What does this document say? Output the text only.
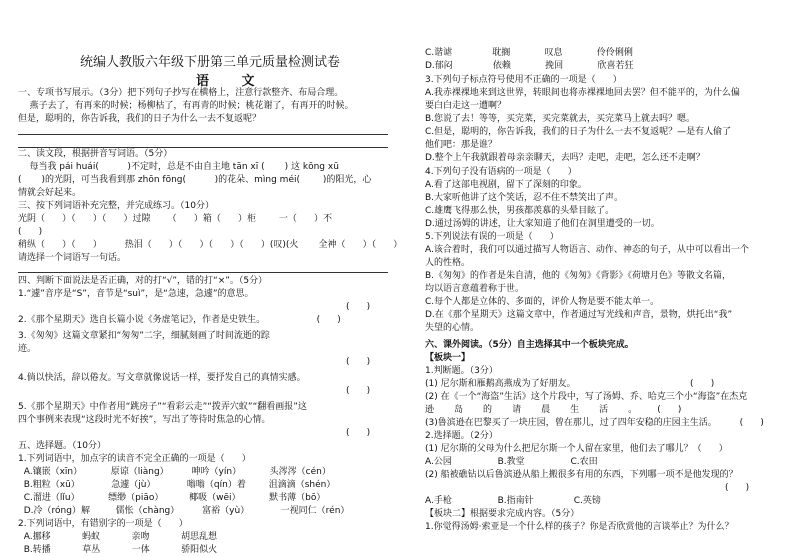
统编人教版六年级下册第三单元质量检测试卷
语 文
一、专项书写展示。（3分）把下列句子抄写在横格上，注意行款整齐、布局合理。
燕子去了，有再来的时候；杨柳枯了，有再青的时候；桃花谢了，有再开的时候。
但是，聪明的，你告诉我，我们的日子为什么一去不复返呢？
二、读文段，根据拼音写词语。（5分）
每当我 pái huái(          )不定时，总是不由自主地 tān xī (       ) 这 kōng xū
(       )的光阴，可当我看到那 zhōn fōng(          )的花朵、mìng méi(        )的阳光，心
情就会好起来。
三、按下列词语补充完整，并完成练习。（10分）
光阴（      ）（      ）（      ）过隙      （      ）箱（      ）柜        一（      ）不
(      )
稍纵（      ）（      ）        热泪（      ）（      ）（      ）（      ）(叹)(火       全神（      ）（      ）
请选择一个词语写一句话。
四、判断下面说法是否正确，对的打“√”，错的打“×”。（5分）
1.“遽”音序是“S”，音节是“suì”，是“急速，急遽”的意思。
(      )
2.《那个星期天》选自长篇小说《务虚笔记》，作者是史铁生。                  (      )
3.《匆匆》这篇文章紧扣“匆匆”二字，细腻刻画了时间流逝的踪
迹。
(      )
4.倘以快活，辞以倦友。写文章就像说话一样，要抒发自己的真情实感。
(      )
5.《那个星期天》中作者用“跳房子”“看彩云走”“拨弄穴蚁”“翻看画报”这
四个事例来表现“这段时光不好挨”，写出了等待时焦急的心情。
(      )
五、选择题。（10分）
1.下列词语中，加点字的读音不完全正确的一项是（      ）
A.镶嵌（xīn）          原谅（liàng）        呻吟（yín）          头涔涔（cén）
B.粗粒（xū）           急遽（jù）           嗡嗡（qín）着        沮滴滴（shén）
C.溜进（lǐu）          缥缈（piāo）         椰吸（wēi）          默书薄（bō）
D.冷（róng）解         儒怅（chàng）        富裕（yù）           一视同仁（rén）
2.下列词语中，有错别字的一项是（      ）
A.挪移           蚂蚁           亲吻           胡思乱想
B.转播           草丛           一体           骄阳似火
C.谐谑              耽搁            叹息            伶伶俐俐
D.郁闷              依赖            挽回            欣喜若狂
3.下列句子标点符号使用不正确的一项是（      ）
A.我赤裸裸地来到这世界，转眼间也将赤裸裸地回去罢？但不能平的，为什么偏
要白白走这一遭啊？
B.您说了去！等等，买完菜，买完菜就去，买完菜马上就去吗？嗯。
C.但是，聪明的，你告诉我，我们的日子为什么一去不复返呢？—是有人偷了
他们吧：那是谁？
D.整个上午我就跟着母亲亲聊天，去吗？走吧，走吧，怎么还不走啊？
4.下列句子没有语病的一项是（      ）
A.看了这部电视剧，留下了深刻的印象。
B.大家听他讲了这个笑话，忍不住不禁笑出了声。
C.雄鹰飞得那么快，男孩都羡慕的头晕目眩了。
D.通过汤姆的讲述，让大家知道了他们在洞里遭受的一切。
5.下列说法有误的一项是（      ）
A.该合着时，我们可以通过描写人物语言、动作、神态的句子，从中可以看出一个
人的性格。
B.《匆匆》的作者是朱自清，他的《匆匆》《背影》《荷塘月色》等散文名篇，
均以语言意蕴着称于世。
C.每个人都是立体的、多面的，评价人物是要不能太单一。
D.在《那个星期天》这篇文章中，作者通过写光线和声音，景物，烘托出“我”
失望的心情。
六、课外阅读。（5分）自主选择其中一个板块完成。
【板块一】
1.判断题。（3分）
(1) 尼尔斯和雁鹅高燕成为了好朋友。                                        (      )
(2) 在《一个“海盗”生活》这个片段中，写了汤姆、乔、哈克三个小“海盗”在杰克
逊       岛       的       请       晨       生       活       。       (      )
(3)鲁滨逊在巴黎买了一块庄园，曾在那儿，过了四年安稳的庄园主生活。        (      )
2.选择题。（2分）
(1) 尼尔斯的父母为什么把尼尔斯一个人留在家里，他们去了哪儿？（      ）
A.公园                B.教堂                C.农田
(2) 船被礁钻以后鲁滨逊从船上搬很多有用的东西，下列哪一项不是他发现的？
(      )
A.手枪                B.指南针              C.英镑
【板块二】根据要求完成内容。（5分）
1.你觉得汤姆·索亚是一个什么样的孩子？你是否欣赏他的言谈举止？为什么？
